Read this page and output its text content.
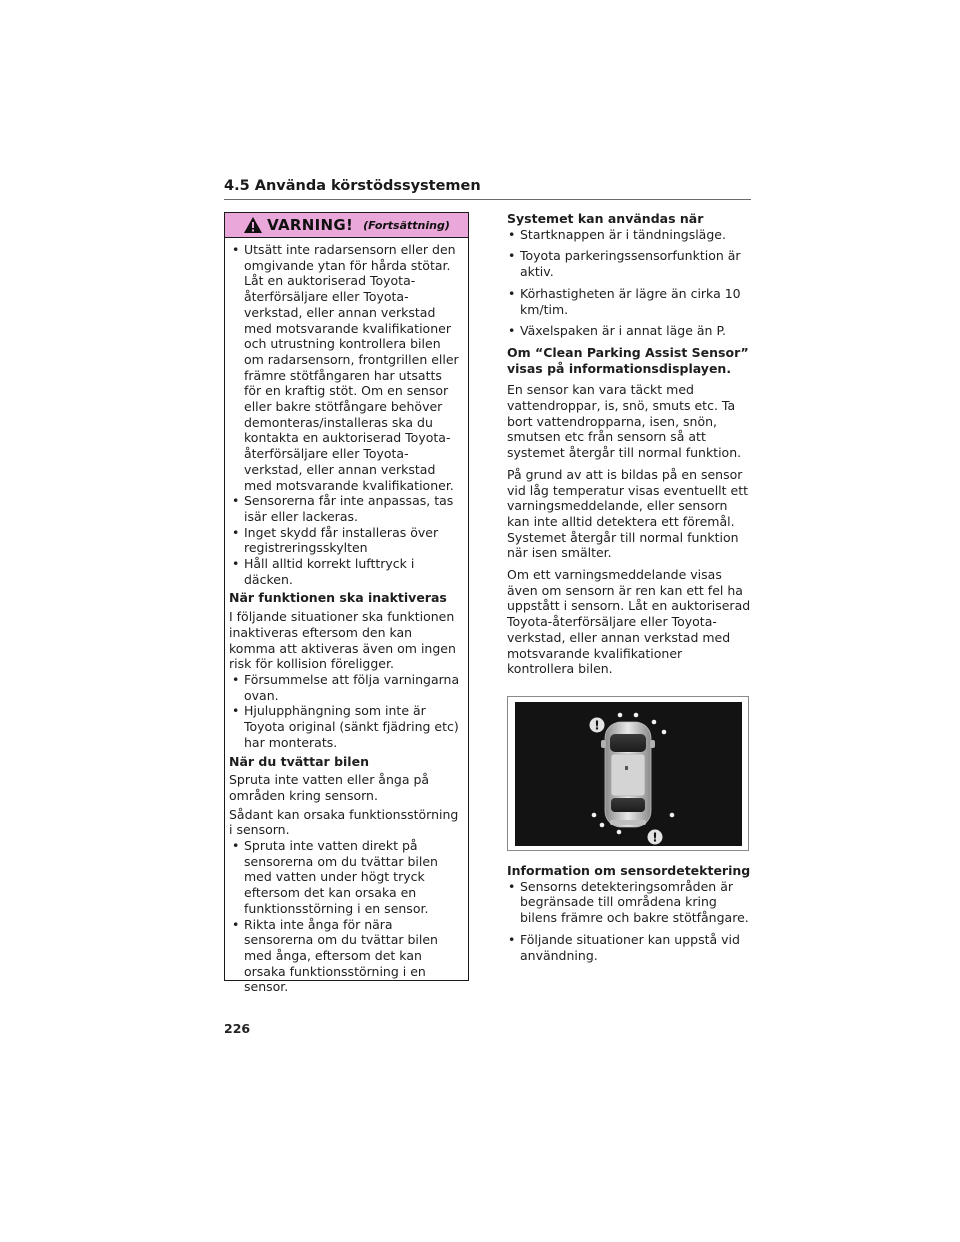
4.5 Använda körstödssystemen
VARNING! (Fortsättning)
• Utsätt inte radarsensorn eller den omgivande ytan för hårda stötar. Låt en auktoriserad Toyota-återförsäljare eller Toyota-verkstad, eller annan verkstad med motsvarande kvalifikationer och utrustning kontrollera bilen om radarsensorn, frontgrillen eller främre stötfångaren har utsatts för en kraftig stöt. Om en sensor eller bakre stötfångare behöver demonteras/installeras ska du kontakta en auktoriserad Toyota-återförsäljare eller Toyota-verkstad, eller annan verkstad med motsvarande kvalifikationer.
• Sensorerna får inte anpassas, tas isär eller lackeras.
• Inget skydd får installeras över registreringsskylten
• Håll alltid korrekt lufttryck i däcken.

När funktionen ska inaktiveras

I följande situationer ska funktionen inaktiveras eftersom den kan komma att aktiveras även om ingen risk för kollision föreligger.

• Försummelse att följa varningarna ovan.
• Hjulupphängning som inte är Toyota original (sänkt fjädring etc) har monterats.

När du tvättar bilen

Spruta inte vatten eller ånga på områden kring sensorn.

Sådant kan orsaka funktionsstörning i sensorn.

• Spruta inte vatten direkt på sensorerna om du tvättar bilen med vatten under högt tryck eftersom det kan orsaka en funktionsstörning i en sensor.
• Rikta inte ånga för nära sensorerna om du tvättar bilen med ånga, eftersom det kan orsaka funktionsstörning i en sensor.

Systemet kan användas när

• Startknappen är i tändningsläge.
• Toyota parkeringssensorfunktion är aktiv.
• Körhastigheten är lägre än cirka 10 km/tim.
• Växelspaken är i annat läge än P.

Om “Clean Parking Assist Sensor” visas på informationsdisplayen.

En sensor kan vara täckt med vattendroppar, is, snö, smuts etc. Ta bort vattendropparna, isen, snön, smutsen etc från sensorn så att systemet återgår till normal funktion.

På grund av att is bildas på en sensor vid låg temperatur visas eventuellt ett varningsmeddelande, eller sensorn kan inte alltid detektera ett föremål. Systemet återgår till normal funktion när isen smälter.

Om ett varningsmeddelande visas även om sensorn är ren kan ett fel ha uppstått i sensorn. Låt en auktoriserad Toyota-återförsäljare eller Toyota-verkstad, eller annan verkstad med motsvarande kvalifikationer kontrollera bilen.

!
!

Information om sensordetektering

• Sensorns detekteringsområden är begränsade till områdena kring bilens främre och bakre stötfångare.
• Följande situationer kan uppstå vid användning.
226
